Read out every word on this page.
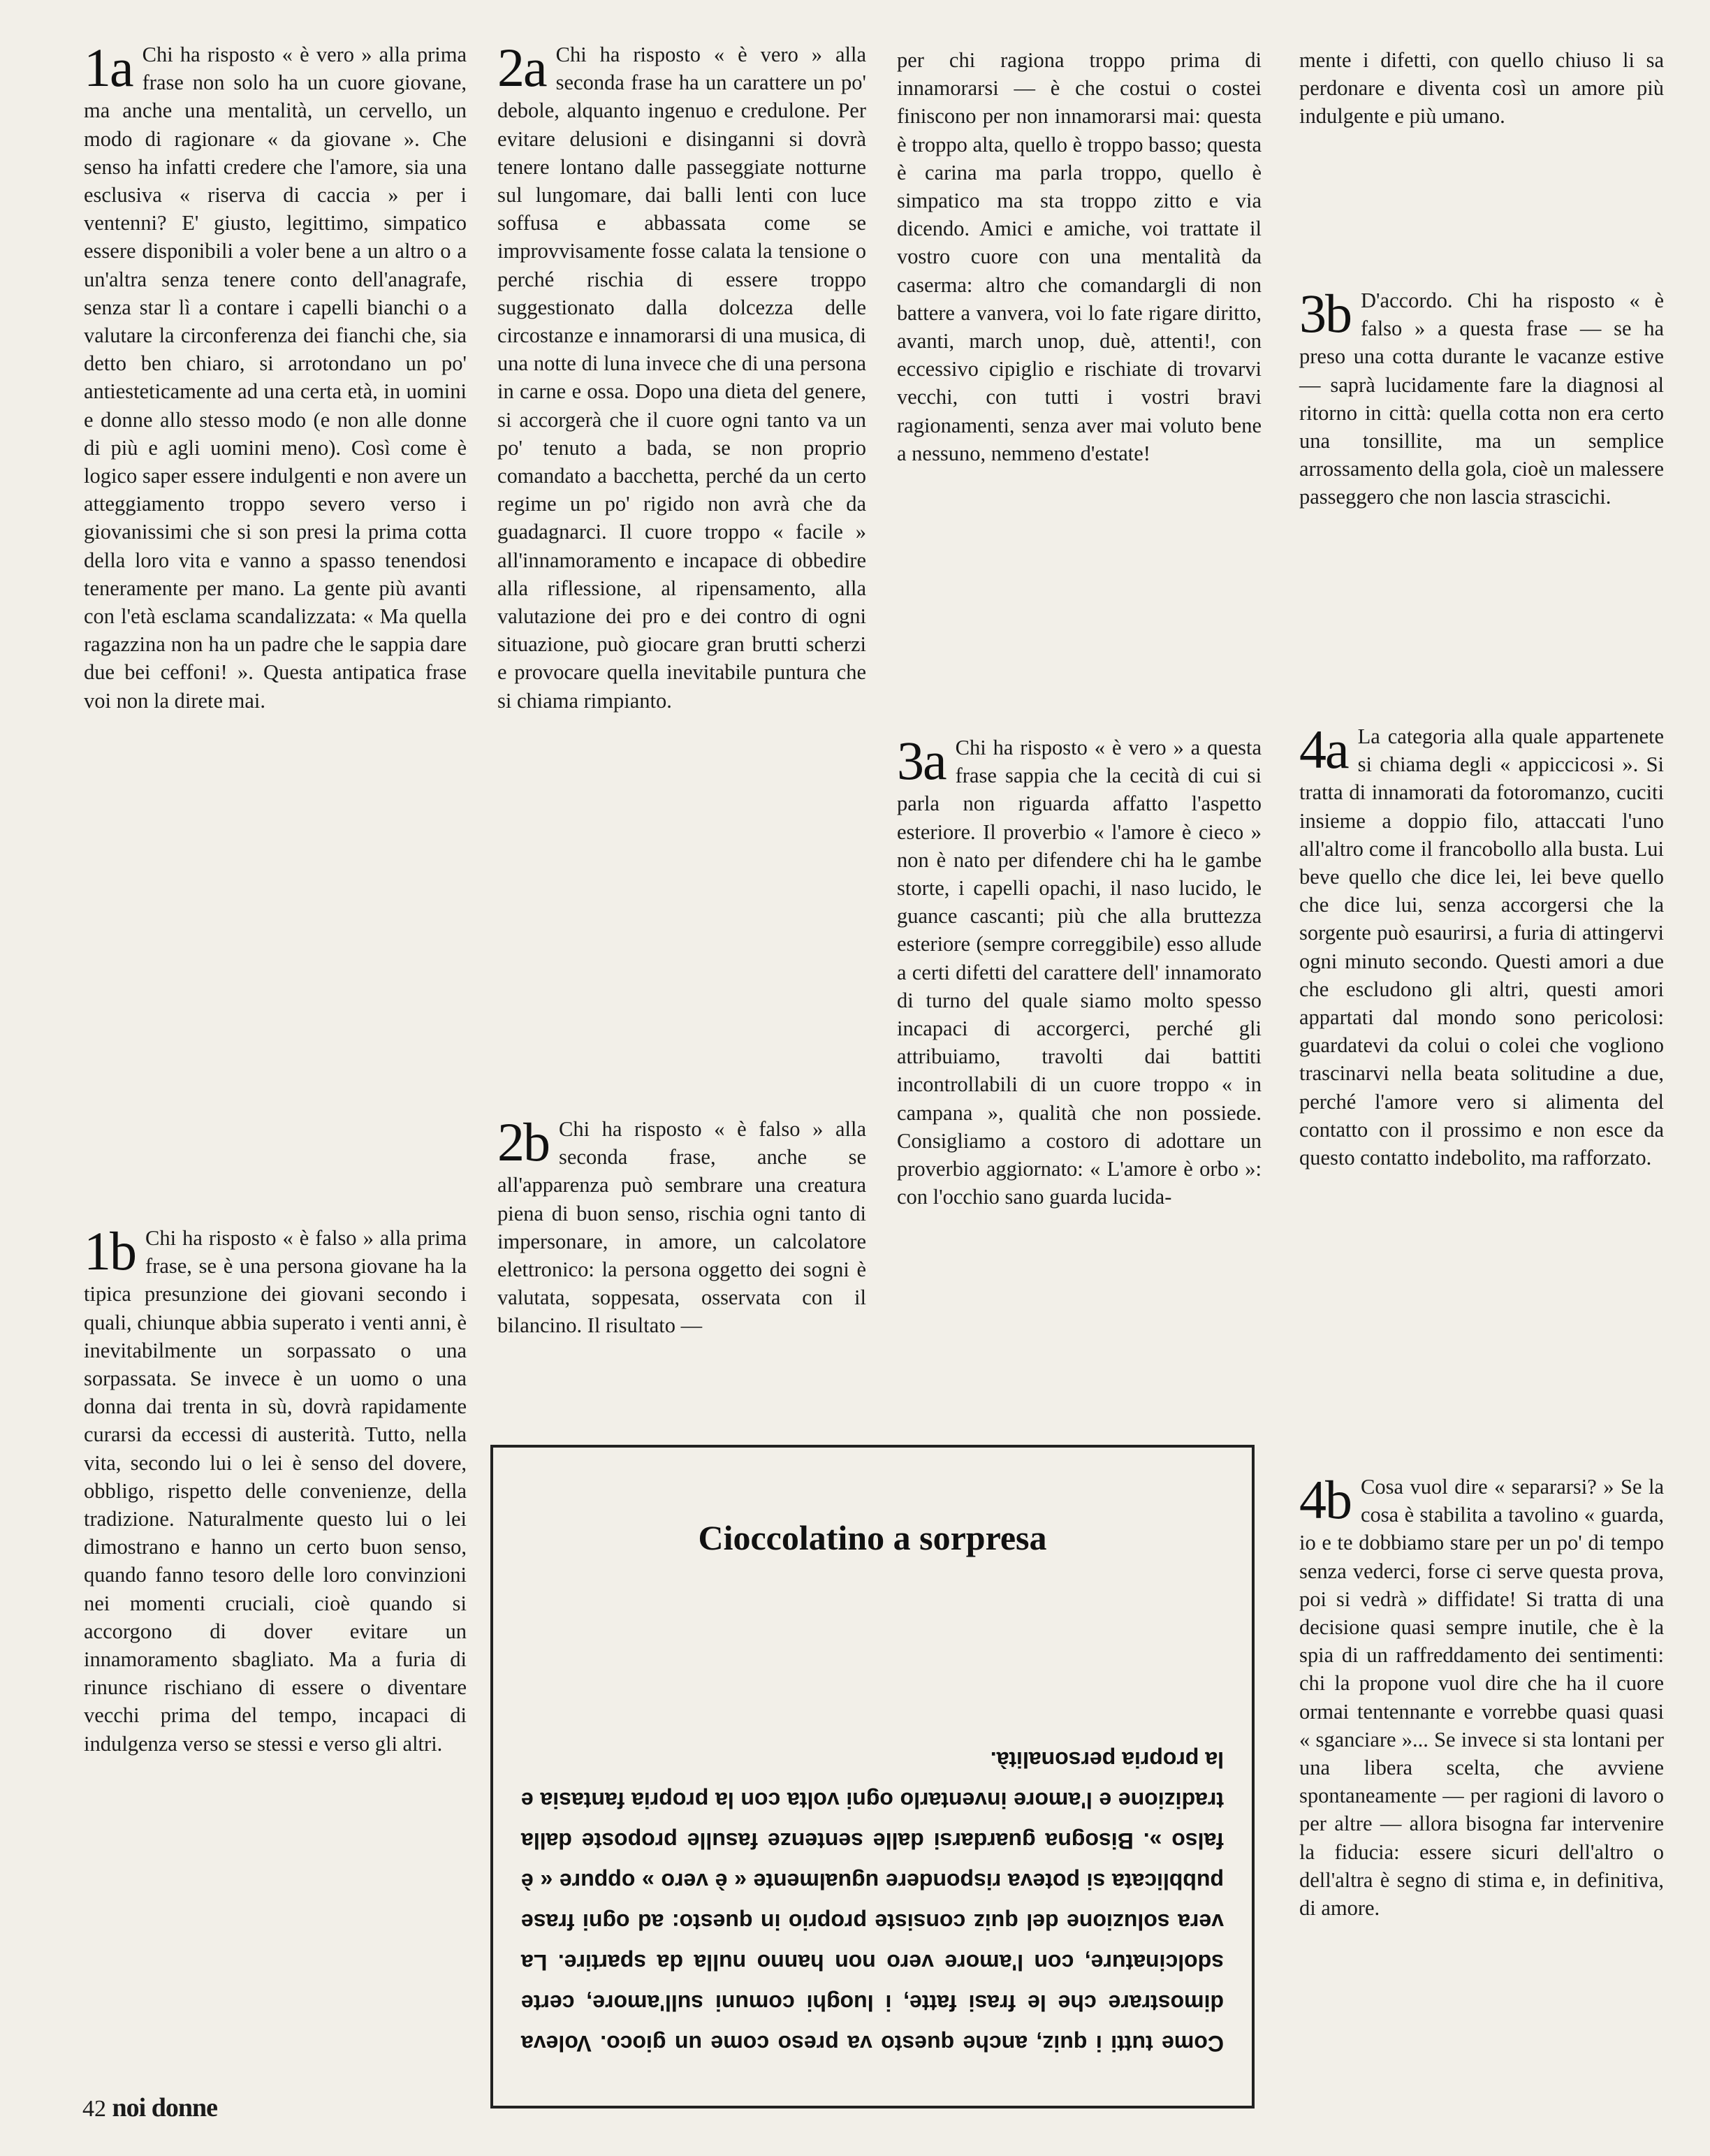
1a Chi ha risposto « è vero » alla prima frase non solo ha un cuore giovane, ma anche una mentalità, un cervello, un modo di ragionare « da giovane ». Che senso ha infatti credere che l'amore, sia una esclusiva « riserva di caccia » per i ventenni? E' giusto, legittimo, simpatico essere disponibili a voler bene a un altro o a un'altra senza tenere conto dell'anagrafe, senza star lì a contare i capelli bianchi o a valutare la circonferenza dei fianchi che, sia detto ben chiaro, si arrotondano un po' antiesteticamente ad una certa età, in uomini e donne allo stesso modo (e non alle donne di più e agli uomini meno). Così come è logico saper essere indulgenti e non avere un atteggiamento troppo severo verso i giovanissimi che si son presi la prima cotta della loro vita e vanno a spasso tenendosi teneramente per mano. La gente più avanti con l'età esclama scandalizzata: « Ma quella ragazzina non ha un padre che le sappia dare due bei ceffoni! ». Questa antipatica frase voi non la direte mai.

1b Chi ha risposto « è falso » alla prima frase, se è una persona giovane ha la tipica presunzione dei giovani secondo i quali, chiunque abbia superato i venti anni, è inevitabilmente un sorpassato o una sorpassata. Se invece è un uomo o una donna dai trenta in sù, dovrà rapidamente curarsi da eccessi di austerità. Tutto, nella vita, secondo lui o lei è senso del dovere, obbligo, rispetto delle convenienze, della tradizione. Naturalmente questo lui o lei dimostrano e hanno un certo buon senso, quando fanno tesoro delle loro convinzioni nei momenti cruciali, cioè quando si accorgono di dover evitare un innamoramento sbagliato. Ma a furia di rinunce rischiano di essere o diventare vecchi prima del tempo, incapaci di indulgenza verso se stessi e verso gli altri.

2a Chi ha risposto « è vero » alla seconda frase ha un carattere un po' debole, alquanto ingenuo e credulone. Per evitare delusioni e disinganni si dovrà tenere lontano dalle passeggiate notturne sul lungomare, dai balli lenti con luce soffusa e abbassata come se improvvisamente fosse calata la tensione o perché rischia di essere troppo suggestionato dalla dolcezza delle circostanze e innamorarsi di una musica, di una notte di luna invece che di una persona in carne e ossa. Dopo una dieta del genere, si accorgerà che il cuore ogni tanto va un po' tenuto a bada, se non proprio comandato a bacchetta, perché da un certo regime un po' rigido non avrà che da guadagnarci. Il cuore troppo « facile » all'innamoramento e incapace di obbedire alla riflessione, al ripensamento, alla valutazione dei pro e dei contro di ogni situazione, può giocare gran brutti scherzi e provocare quella inevitabile puntura che si chiama rimpianto.

2b Chi ha risposto « è falso » alla seconda frase, anche se all'apparenza può sembrare una creatura piena di buon senso, rischia ogni tanto di impersonare, in amore, un calcolatore elettronico: la persona oggetto dei sogni è valutata, soppesata, osservata con il bilancino. Il risultato —

per chi ragiona troppo prima di innamorarsi — è che costui o costei finiscono per non innamorarsi mai: questa è troppo alta, quello è troppo basso; questa è carina ma parla troppo, quello è simpatico ma sta troppo zitto e via dicendo. Amici e amiche, voi trattate il vostro cuore con una mentalità da caserma: altro che comandargli di non battere a vanvera, voi lo fate rigare diritto, avanti, march unop, duè, attenti!, con eccessivo cipiglio e rischiate di trovarvi vecchi, con tutti i vostri bravi ragionamenti, senza aver mai voluto bene a nessuno, nemmeno d'estate!

3a Chi ha risposto « è vero » a questa frase sappia che la cecità di cui si parla non riguarda affatto l'aspetto esteriore. Il proverbio « l'amore è cieco » non è nato per difendere chi ha le gambe storte, i capelli opachi, il naso lucido, le guance cascanti; più che alla bruttezza esteriore (sempre correggibile) esso allude a certi difetti del carattere dell' innamorato di turno del quale siamo molto spesso incapaci di accorgerci, perché gli attribuiamo, travolti dai battiti incontrollabili di un cuore troppo « in campana », qualità che non possiede. Consigliamo a costoro di adottare un proverbio aggiornato: « L'amore è orbo »: con l'occhio sano guarda lucida-

mente i difetti, con quello chiuso li sa perdonare e diventa così un amore più indulgente e più umano.

3b D'accordo. Chi ha risposto « è falso » a questa frase — se ha preso una cotta durante le vacanze estive — saprà lucidamente fare la diagnosi al ritorno in città: quella cotta non era certo una tonsillite, ma un semplice arrossamento della gola, cioè un malessere passeggero che non lascia strascichi.

4a La categoria alla quale appartenete si chiama degli « appiccicosi ». Si tratta di innamorati da fotoromanzo, cuciti insieme a doppio filo, attaccati l'uno all'altro come il francobollo alla busta. Lui beve quello che dice lei, lei beve quello che dice lui, senza accorgersi che la sorgente può esaurirsi, a furia di attingervi ogni minuto secondo. Questi amori a due che escludono gli altri, questi amori appartati dal mondo sono pericolosi: guardatevi da colui o colei che vogliono trascinarvi nella beata solitudine a due, perché l'amore vero si alimenta del contatto con il prossimo e non esce da questo contatto indebolito, ma rafforzato.

4b Cosa vuol dire « separarsi? » Se la cosa è stabilita a tavolino « guarda, io e te dobbiamo stare per un po' di tempo senza vederci, forse ci serve questa prova, poi si vedrà » diffidate! Si tratta di una decisione quasi sempre inutile, che è la spia di un raffreddamento dei sentimenti: chi la propone vuol dire che ha il cuore ormai tentennante e vorrebbe quasi quasi « sganciare »... Se invece si sta lontani per una libera scelta, che avviene spontaneamente — per ragioni di lavoro o per altre — allora bisogna far intervenire la fiducia: essere sicuri dell'altro o dell'altra è segno di stima e, in definitiva, di amore.

Cioccolatino a sorpresa
Come tutti i quiz, anche questo va preso come un gioco. Voleva dimostrare che le frasi fatte, i luoghi comuni sull'amore, certe sdolcinature, con l'amore vero non hanno nulla da spartire. La vera soluzione del quiz consiste proprio in questo: ad ogni frase pubblicata si poteva rispondere ugualmente « è vero » oppure « è falso ». Bisogna guardarsi dalle sentenze fasulle proposte dalla tradizione e l'amore inventarlo ogni volta con la propria fantasia e la propria personalità.
42 noi donne
